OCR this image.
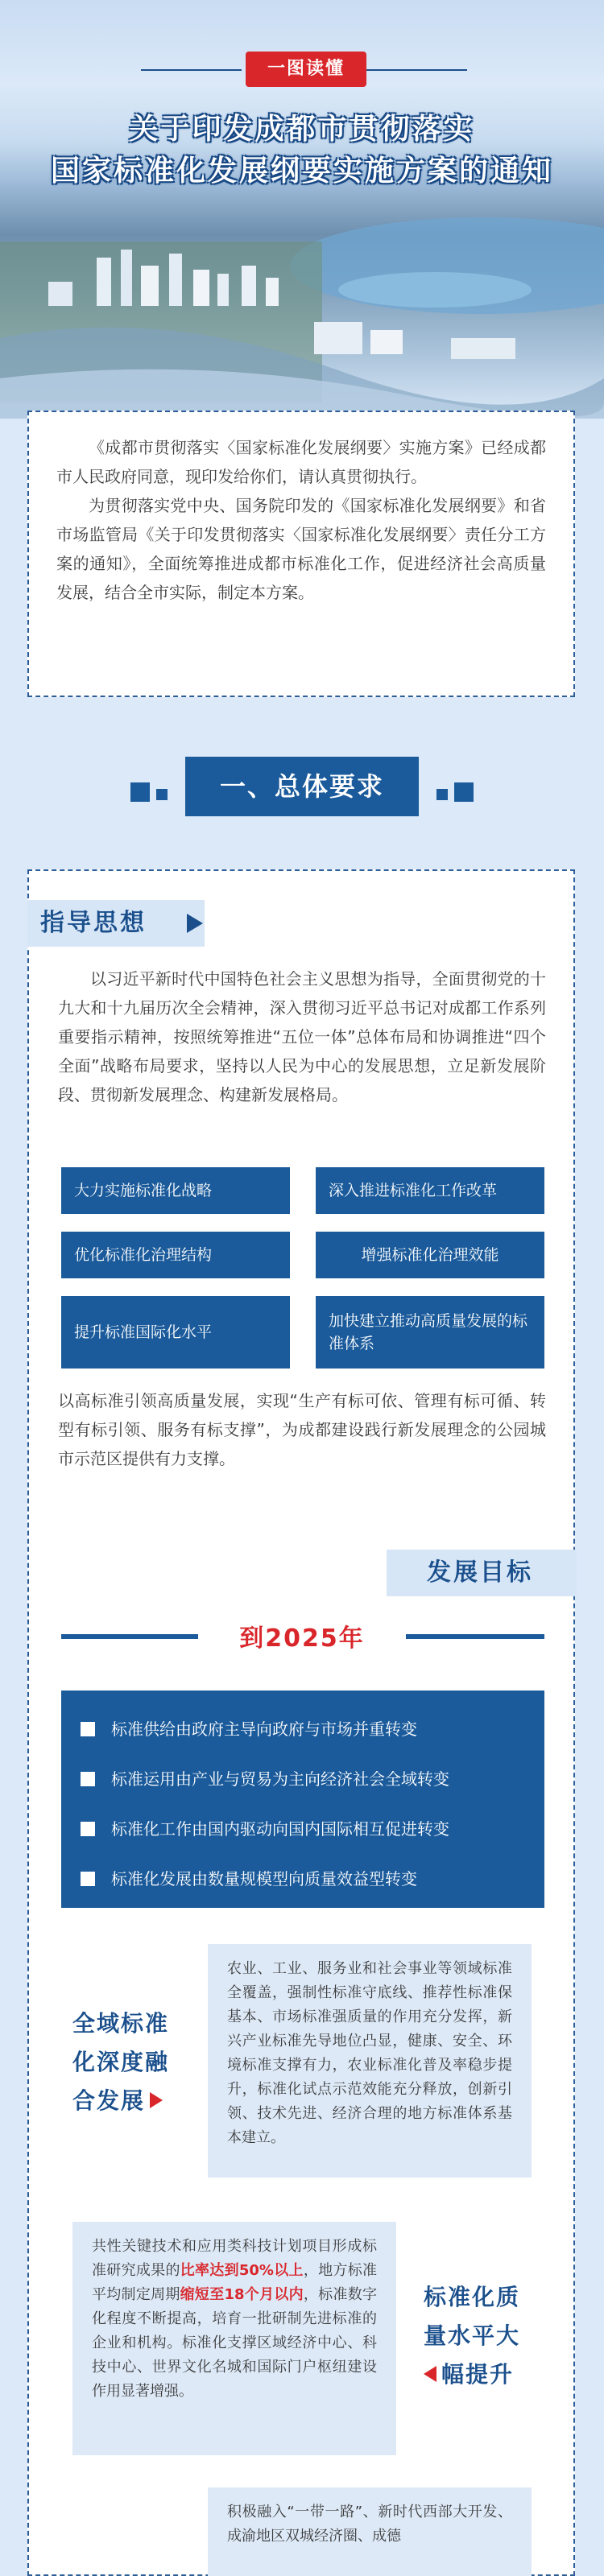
一图读懂
关于印发成都市贯彻落实
国家标准化发展纲要实施方案的通知

《成都市贯彻落实〈国家标准化发展纲要〉实施方案》已经成都市人民政府同意，现印发给你们，请认真贯彻执行。

为贯彻落实党中央、国务院印发的《国家标准化发展纲要》和省市场监管局《关于印发贯彻落实〈国家标准化发展纲要〉责任分工方案的通知》，全面统筹推进成都市标准化工作，促进经济社会高质量发展，结合全市实际，制定本方案。

一、总体要求
指导思想

以习近平新时代中国特色社会主义思想为指导，全面贯彻党的十九大和十九届历次全会精神，深入贯彻习近平总书记对成都工作系列重要指示精神，按照统筹推进“五位一体”总体布局和协调推进“四个全面”战略布局要求，坚持以人民为中心的发展思想，立足新发展阶段、贯彻新发展理念、构建新发展格局。

大力实施标准化战略	深入推进标准化工作改革
优化标准化治理结构	增强标准化治理效能
提升标准国际化水平
加快建立推动高质量发展的标准体系

以高标准引领高质量发展，实现“生产有标可依、管理有标可循、转型有标引领、服务有标支撑”，为成都建设践行新发展理念的公园城市示范区提供有力支撑。

发展目标
到2025年
标准供给由政府主导向政府与市场并重转变
标准运用由产业与贸易为主向经济社会全域转变
标准化工作由国内驱动向国内国际相互促进转变
标准化发展由数量规模型向质量效益型转变
全域标准
化深度融
合发展
农业、工业、服务业和社会事业等领域标准全覆盖，强制性标准守底线、推荐性标准保基本、市场标准强质量的作用充分发挥，新兴产业标准先导地位凸显，健康、安全、环境标准支撑有力，农业标准化普及率稳步提升，标准化试点示范效能充分释放，创新引领、技术先进、经济合理的地方标准体系基本建立。
共性关键技术和应用类科技计划项目形成标准研究成果的比率达到50%以上，地方标准平均制定周期缩短至18个月以内，标准数字化程度不断提高，培育一批研制先进标准的企业和机构。标准化支撑区域经济中心、科技中心、世界文化名城和国际门户枢纽建设作用显著增强。
标准化质
量水平大
幅提升
积极融入“一带一路”、新时代西部大开发、成渝地区双城经济圈、成德
